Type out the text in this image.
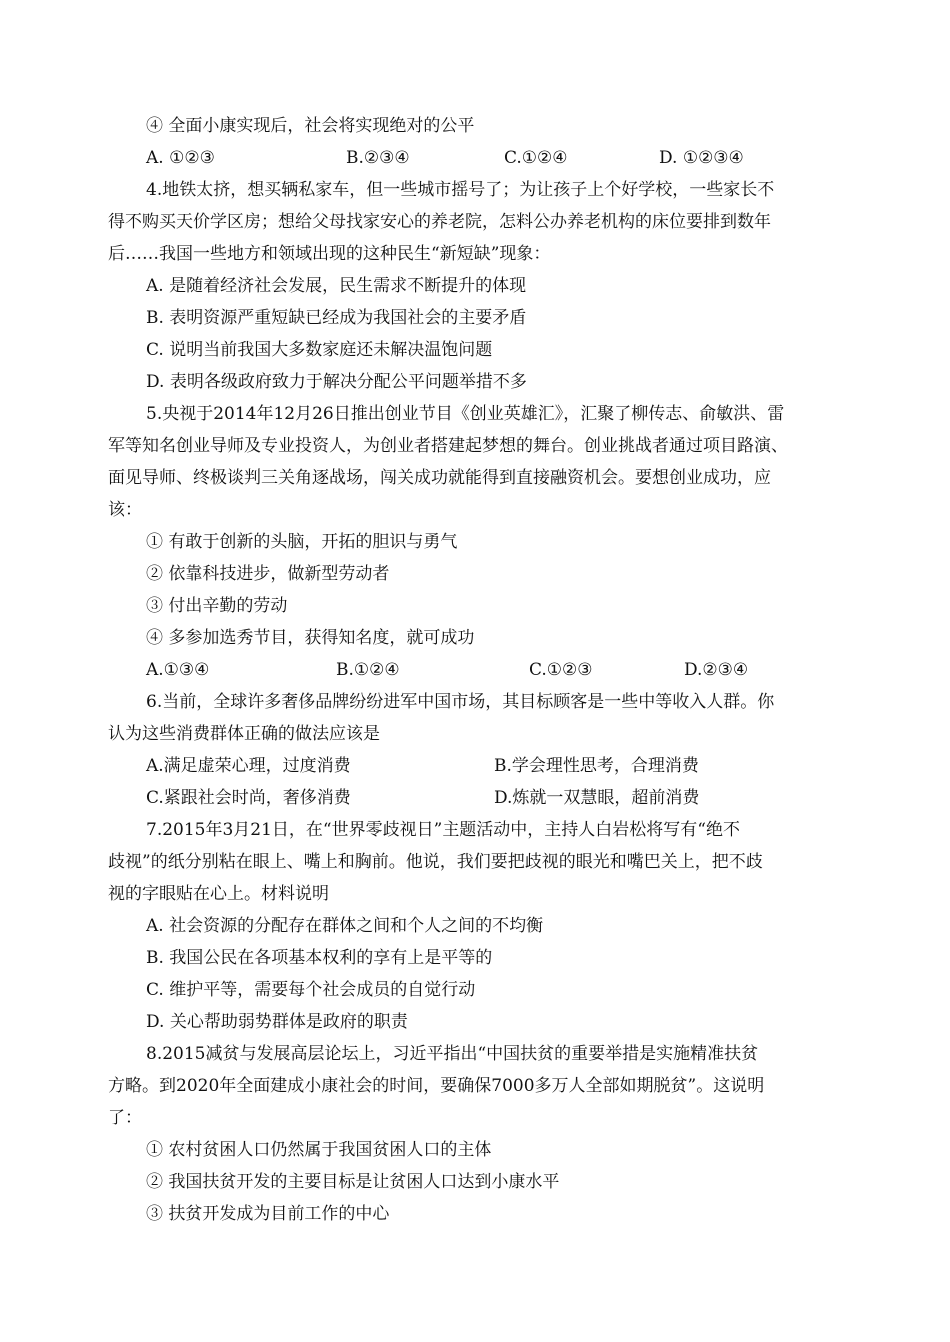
④ 全面小康实现后，社会将实现绝对的公平
A. ①②③	B.②③④	C.①②④	D. ①②③④
4.地铁太挤，想买辆私家车，但一些城市摇号了；为让孩子上个好学校，一些家长不
得不购买天价学区房；想给父母找家安心的养老院，怎料公办养老机构的床位要排到数年
后……我国一些地方和领域出现的这种民生“新短缺”现象：
A. 是随着经济社会发展，民生需求不断提升的体现
B. 表明资源严重短缺已经成为我国社会的主要矛盾
C. 说明当前我国大多数家庭还未解决温饱问题
D. 表明各级政府致力于解决分配公平问题举措不多
5.央视于2014年12月26日推出创业节目《创业英雄汇》，汇聚了柳传志、俞敏洪、雷
军等知名创业导师及专业投资人，为创业者搭建起梦想的舞台。创业挑战者通过项目路演、
面见导师、终极谈判三关角逐战场，闯关成功就能得到直接融资机会。要想创业成功，应
该：
① 有敢于创新的头脑，开拓的胆识与勇气
② 依靠科技进步，做新型劳动者
③ 付出辛勤的劳动
④ 多参加选秀节目，获得知名度，就可成功
A.①③④	B.①②④	C.①②③	D.②③④
6.当前，全球许多奢侈品牌纷纷进军中国市场，其目标顾客是一些中等收入人群。你
认为这些消费群体正确的做法应该是
A.满足虚荣心理，过度消费	B.学会理性思考，合理消费
C.紧跟社会时尚，奢侈消费	D.炼就一双慧眼，超前消费
7.2015年3月21日，在“世界零歧视日”主题活动中，主持人白岩松将写有“绝不
歧视”的纸分别粘在眼上、嘴上和胸前。他说，我们要把歧视的眼光和嘴巴关上，把不歧
视的字眼贴在心上。材料说明
A. 社会资源的分配存在群体之间和个人之间的不均衡
B. 我国公民在各项基本权利的享有上是平等的
C. 维护平等，需要每个社会成员的自觉行动
D. 关心帮助弱势群体是政府的职责
8.2015减贫与发展高层论坛上，习近平指出“中国扶贫的重要举措是实施精准扶贫
方略。到2020年全面建成小康社会的时间，要确保7000多万人全部如期脱贫”。这说明
了：
① 农村贫困人口仍然属于我国贫困人口的主体
② 我国扶贫开发的主要目标是让贫困人口达到小康水平
③ 扶贫开发成为目前工作的中心
